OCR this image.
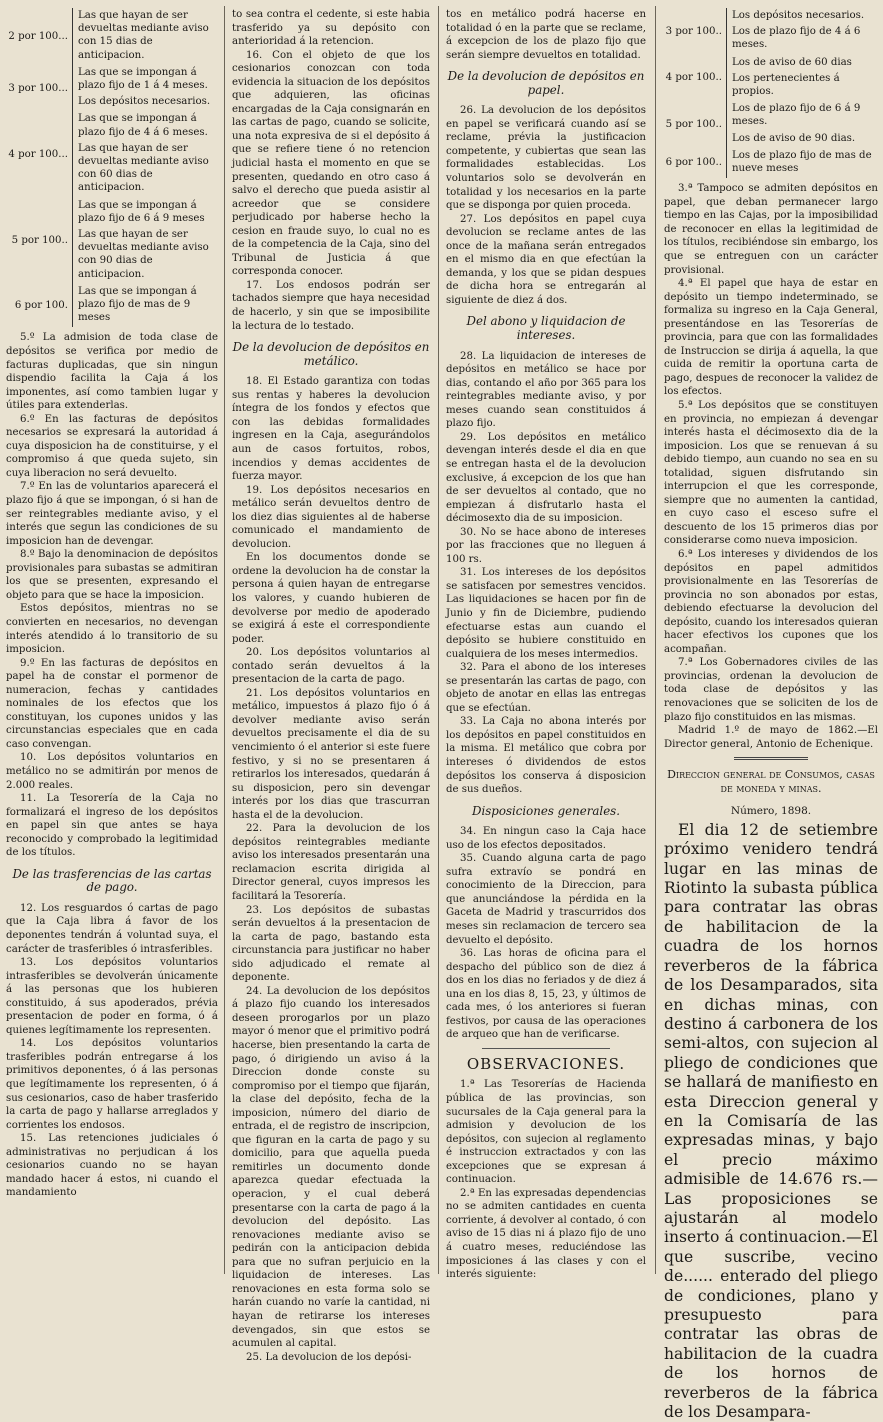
2 por 100...	Las que hayan de ser devueltas mediante aviso con 15 dias de anticipacion.

3 por 100...	Las que se impongan á plazo fijo de 1 á 4 meses.
Los depósitos necesarios.

4 por 100...	Las que se impongan á plazo fijo de 4 á 6 meses.
Las que hayan de ser devueltas mediante aviso con 60 dias de anticipacion.

5 por 100..	Las que se impongan á plazo fijo de 6 á 9 meses
Las que hayan de ser devueltas mediante aviso con 90 dias de anticipacion.

6 por 100.	Las que se impongan á plazo fijo de mas de 9 meses

5.º La admision de toda clase de depósitos se verifica por medio de facturas duplicadas, que sin ningun dispendio facilita la Caja á los imponentes, así como tambien lugar y útiles para extenderlas.

6.º En las facturas de depósitos necesarios se expresará la autoridad á cuya disposicion ha de constituirse, y el compromiso á que queda sujeto, sin cuya liberacion no será devuelto.

7.º En las de voluntarios aparecerá el plazo fijo á que se impongan, ó si han de ser reintegrables mediante aviso, y el interés que segun las condiciones de su imposicion han de devengar.

8.º Bajo la denominacion de depósitos provisionales para subastas se admitiran los que se presenten, expresando el objeto para que se hace la imposicion.

Estos depósitos, mientras no se convierten en necesarios, no devengan interés atendido á lo transitorio de su imposicion.

9.º En las facturas de depósitos en papel ha de constar el pormenor de numeracion, fechas y cantidades nominales de los efectos que los constituyan, los cupones unidos y las circunstancias especiales que en cada caso convengan.

10. Los depósitos voluntarios en metálico no se admitirán por menos de 2.000 reales.

11. La Tesorería de la Caja no formalizará el ingreso de los depósitos en papel sin que antes se haya reconocido y comprobado la legitimidad de los títulos.

De las trasferencias de las cartas de pago.

12. Los resguardos ó cartas de pago que la Caja libra á favor de los deponentes tendrán á voluntad suya, el carácter de trasferibles ó intrasferibles.

13. Los depósitos voluntarios intrasferibles se devolverán únicamente á las personas que los hubieren constituido, á sus apoderados, prévia presentacion de poder en forma, ó á quienes legítimamente los representen.

14. Los depósitos voluntarios trasferibles podrán entregarse á los primitivos deponentes, ó á las personas que legítimamente los representen, ó á sus cesionarios, caso de haber trasferido la carta de pago y hallarse arreglados y corrientes los endosos.

15. Las retenciones judiciales ó administrativas no perjudican á los cesionarios cuando no se hayan mandado hacer á estos, ni cuando el mandamiento

to sea contra el cedente, si este habia trasferido ya su depósito con anterioridad á la retencion.

16. Con el objeto de que los cesionarios conozcan con toda evidencia la situacion de los depósitos que adquieren, las oficinas encargadas de la Caja consignarán en las cartas de pago, cuando se solicite, una nota expresiva de si el depósito á que se refiere tiene ó no retencion judicial hasta el momento en que se presenten, quedando en otro caso á salvo el derecho que pueda asistir al acreedor que se considere perjudicado por haberse hecho la cesion en fraude suyo, lo cual no es de la competencia de la Caja, sino del Tribunal de Justicia á que corresponda conocer.

17. Los endosos podrán ser tachados siempre que haya necesidad de hacerlo, y sin que se imposibilite la lectura de lo testado.

De la devolucion de depósitos en metálico.

18. El Estado garantiza con todas sus rentas y haberes la devolucion íntegra de los fondos y efectos que con las debidas formalidades ingresen en la Caja, asegurándolos aun de casos fortuitos, robos, incendios y demas accidentes de fuerza mayor.

19. Los depósitos necesarios en metálico serán devueltos dentro de los diez dias siguientes al de haberse comunicado el mandamiento de devolucion.

En los documentos donde se ordene la devolucion ha de constar la persona á quien hayan de entregarse los valores, y cuando hubieren de devolverse por medio de apoderado se exigirá á este el correspondiente poder.

20. Los depósitos voluntarios al contado serán devueltos á la presentacion de la carta de pago.

21. Los depósitos voluntarios en metálico, impuestos á plazo fijo ó á devolver mediante aviso serán devueltos precisamente el dia de su vencimiento ó el anterior si este fuere festivo, y si no se presentaren á retirarlos los interesados, quedarán á su disposicion, pero sin devengar interés por los dias que trascurran hasta el de la devolucion.

22. Para la devolucion de los depósitos reintegrables mediante aviso los interesados presentarán una reclamacion escrita dirigida al Director general, cuyos impresos les facilitará la Tesorería.

23. Los depósitos de subastas serán devueltos á la presentacion de la carta de pago, bastando esta circunstancia para justificar no haber sido adjudicado el remate al deponente.

24. La devolucion de los depósitos á plazo fijo cuando los interesados deseen prorogarlos por un plazo mayor ó menor que el primitivo podrá hacerse, bien presentando la carta de pago, ó dirigiendo un aviso á la Direccion donde conste su compromiso por el tiempo que fijarán, la clase del depósito, fecha de la imposicion, número del diario de entrada, el de registro de inscripcion, que figuran en la carta de pago y su domicilio, para que aquella pueda remitirles un documento donde aparezca quedar efectuada la operacion, y el cual deberá presentarse con la carta de pago á la devolucion del depósito. Las renovaciones mediante aviso se pedirán con la anticipacion debida para que no sufran perjuicio en la liquidacion de intereses. Las renovaciones en esta forma solo se harán cuando no varíe la cantidad, ni hayan de retirarse los intereses devengados, sin que estos se acumulen al capital.

25. La devolucion de los depósi-

tos en metálico podrá hacerse en totalidad ó en la parte que se reclame, á excepcion de los de plazo fijo que serán siempre devueltos en totalidad.

De la devolucion de depósitos en papel.

26. La devolucion de los depósitos en papel se verificará cuando así se reclame, prévia la justificacion competente, y cubiertas que sean las formalidades establecidas. Los voluntarios solo se devolverán en totalidad y los necesarios en la parte que se disponga por quien proceda.

27. Los depósitos en papel cuya devolucion se reclame antes de las once de la mañana serán entregados en el mismo dia en que efectúan la demanda, y los que se pidan despues de dicha hora se entregarán al siguiente de diez á dos.

Del abono y liquidacion de intereses.

28. La liquidacion de intereses de depósitos en metálico se hace por dias, contando el año por 365 para los reintegrables mediante aviso, y por meses cuando sean constituidos á plazo fijo.

29. Los depósitos en metálico devengan interés desde el dia en que se entregan hasta el de la devolucion exclusive, á excepcion de los que han de ser devueltos al contado, que no empiezan á disfrutarlo hasta el décimosexto dia de su imposicion.

30. No se hace abono de intereses por las fracciones que no lleguen á 100 rs.

31. Los intereses de los depósitos se satisfacen por semestres vencidos. Las liquidaciones se hacen por fin de Junio y fin de Diciembre, pudiendo efectuarse estas aun cuando el depósito se hubiere constituido en cualquiera de los meses intermedios.

32. Para el abono de los intereses se presentarán las cartas de pago, con objeto de anotar en ellas las entregas que se efectúan.

33. La Caja no abona interés por los depósitos en papel constituidos en la misma. El metálico que cobra por intereses ó dividendos de estos depósitos los conserva á disposicion de sus dueños.

Disposiciones generales.

34. En ningun caso la Caja hace uso de los efectos depositados.

35. Cuando alguna carta de pago sufra extravío se pondrá en conocimiento de la Direccion, para que anunciándose la pérdida en la Gaceta de Madrid y trascurridos dos meses sin reclamacion de tercero sea devuelto el depósito.

36. Las horas de oficina para el despacho del público son de diez á dos en los dias no feriados y de diez á una en los dias 8, 15, 23, y últimos de cada mes, ó los anteriores si fueran festivos, por causa de las operaciones de arqueo que han de verificarse.

OBSERVACIONES.

1.ª Las Tesorerías de Hacienda pública de las provincias, son sucursales de la Caja general para la admision y devolucion de los depósitos, con sujecion al reglamento é instruccion extractados y con las excepciones que se expresan á continuacion.

2.ª En las expresadas dependencias no se admiten cantidades en cuenta corriente, á devolver al contado, ó con aviso de 15 dias ni á plazo fijo de uno á cuatro meses, reduciéndose las imposiciones á las clases y con el interés siguiente:

3 por 100..	Los depósitos necesarios.
Los de plazo fijo de 4 á 6 meses.

4 por 100..	Los de aviso de 60 dias
Los pertenecientes á propios.

5 por 100..	Los de plazo fijo de 6 á 9 meses.
Los de aviso de 90 dias.

6 por 100..	Los de plazo fijo de mas de nueve meses

3.ª Tampoco se admiten depósitos en papel, que deban permanecer largo tiempo en las Cajas, por la imposibilidad de reconocer en ellas la legitimidad de los títulos, recibiéndose sin embargo, los que se entreguen con un carácter provisional.

4.ª El papel que haya de estar en depósito un tiempo indeterminado, se formaliza su ingreso en la Caja General, presentándose en las Tesorerías de provincia, para que con las formalidades de Instruccion se dirija á aquella, la que cuida de remitir la oportuna carta de pago, despues de reconocer la validez de los efectos.

5.ª Los depósitos que se constituyen en provincia, no empiezan á devengar interés hasta el décimosexto dia de la imposicion. Los que se renuevan á su debido tiempo, aun cuando no sea en su totalidad, siguen disfrutando sin interrupcion el que les corresponde, siempre que no aumenten la cantidad, en cuyo caso el esceso sufre el descuento de los 15 primeros dias por considerarse como nueva imposicion.

6.ª Los intereses y dividendos de los depósitos en papel admitidos provisionalmente en las Tesorerías de provincia no son abonados por estas, debiendo efectuarse la devolucion del depósito, cuando los interesados quieran hacer efectivos los cupones que los acompañan.

7.ª Los Gobernadores civiles de las provincias, ordenan la devolucion de toda clase de depósitos y las renovaciones que se soliciten de los de plazo fijo constituidos en las mismas.

Madrid 1.º de mayo de 1862.—El Director general, Antonio de Echenique.

Direccion general de Consumos, casas de moneda y minas.
Número, 1898.

El dia 12 de setiembre próximo venidero tendrá lugar en las minas de Riotinto la subasta pública para contratar las obras de habilitacion de la cuadra de los hornos reverberos de la fábrica de los Desamparados, sita en dichas minas, con destino á carbonera de los semi-altos, con sujecion al pliego de condiciones que se hallará de manifiesto en esta Direccion general y en la Comisaría de las expresadas minas, y bajo el precio máximo admisible de 14.676 rs.—Las proposiciones se ajustarán al modelo inserto á continuacion.—El que suscribe, vecino de...... enterado del pliego de condiciones, plano y presupuesto para contratar las obras de habilitacion de la cuadra de los hornos de reverberos de la fábrica de los Desampara-
